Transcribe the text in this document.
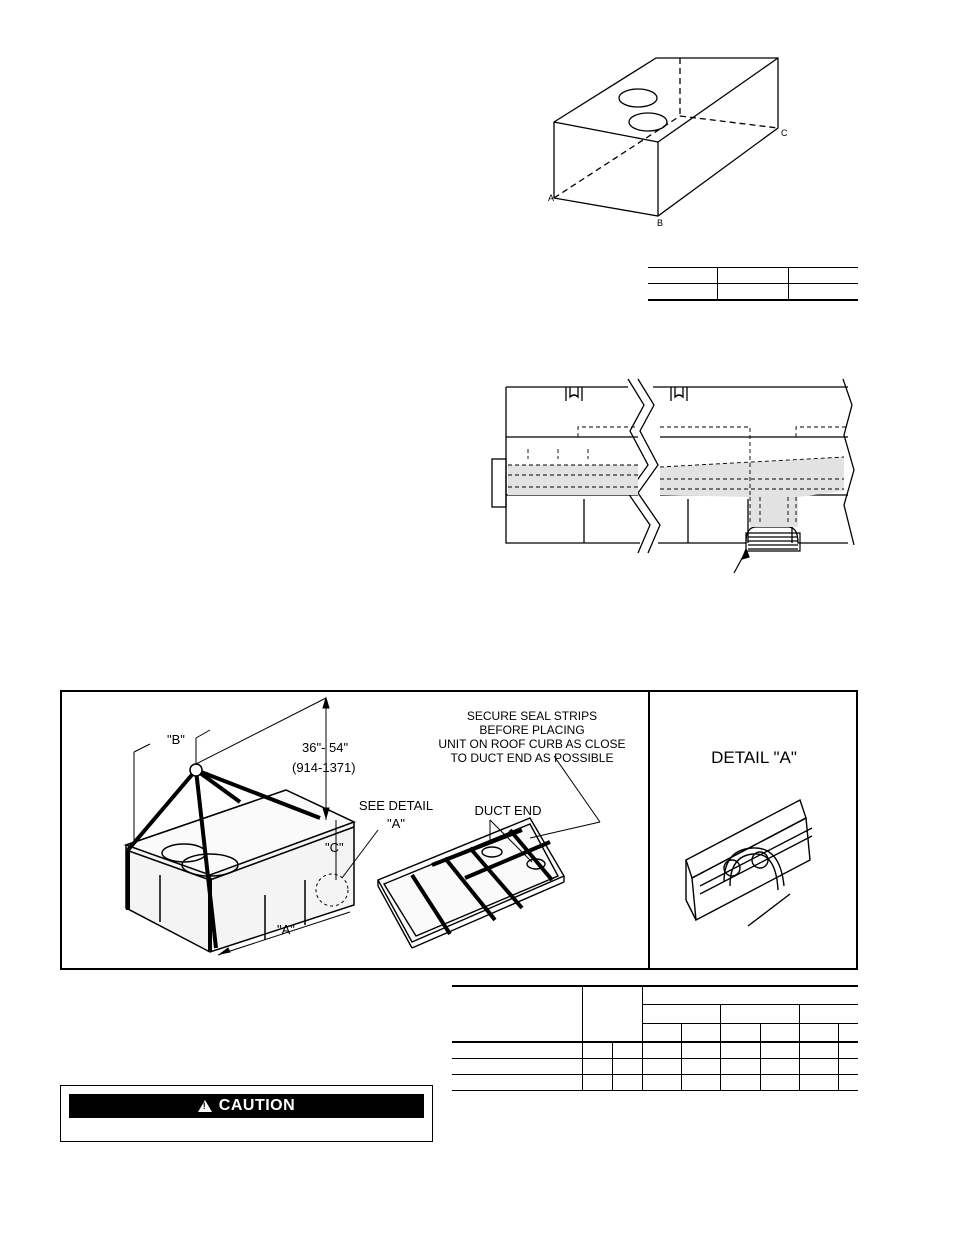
A
B
C

"B"
36"- 54"
(914-1371)
"C"
"A"
SEE DETAIL
"A"
DUCT END
SECURE SEAL STRIPS
BEFORE PLACING
UNIT ON ROOF CURB AS CLOSE
TO DUCT END AS POSSIBLE	DETAIL "A"

!
CAUTION
